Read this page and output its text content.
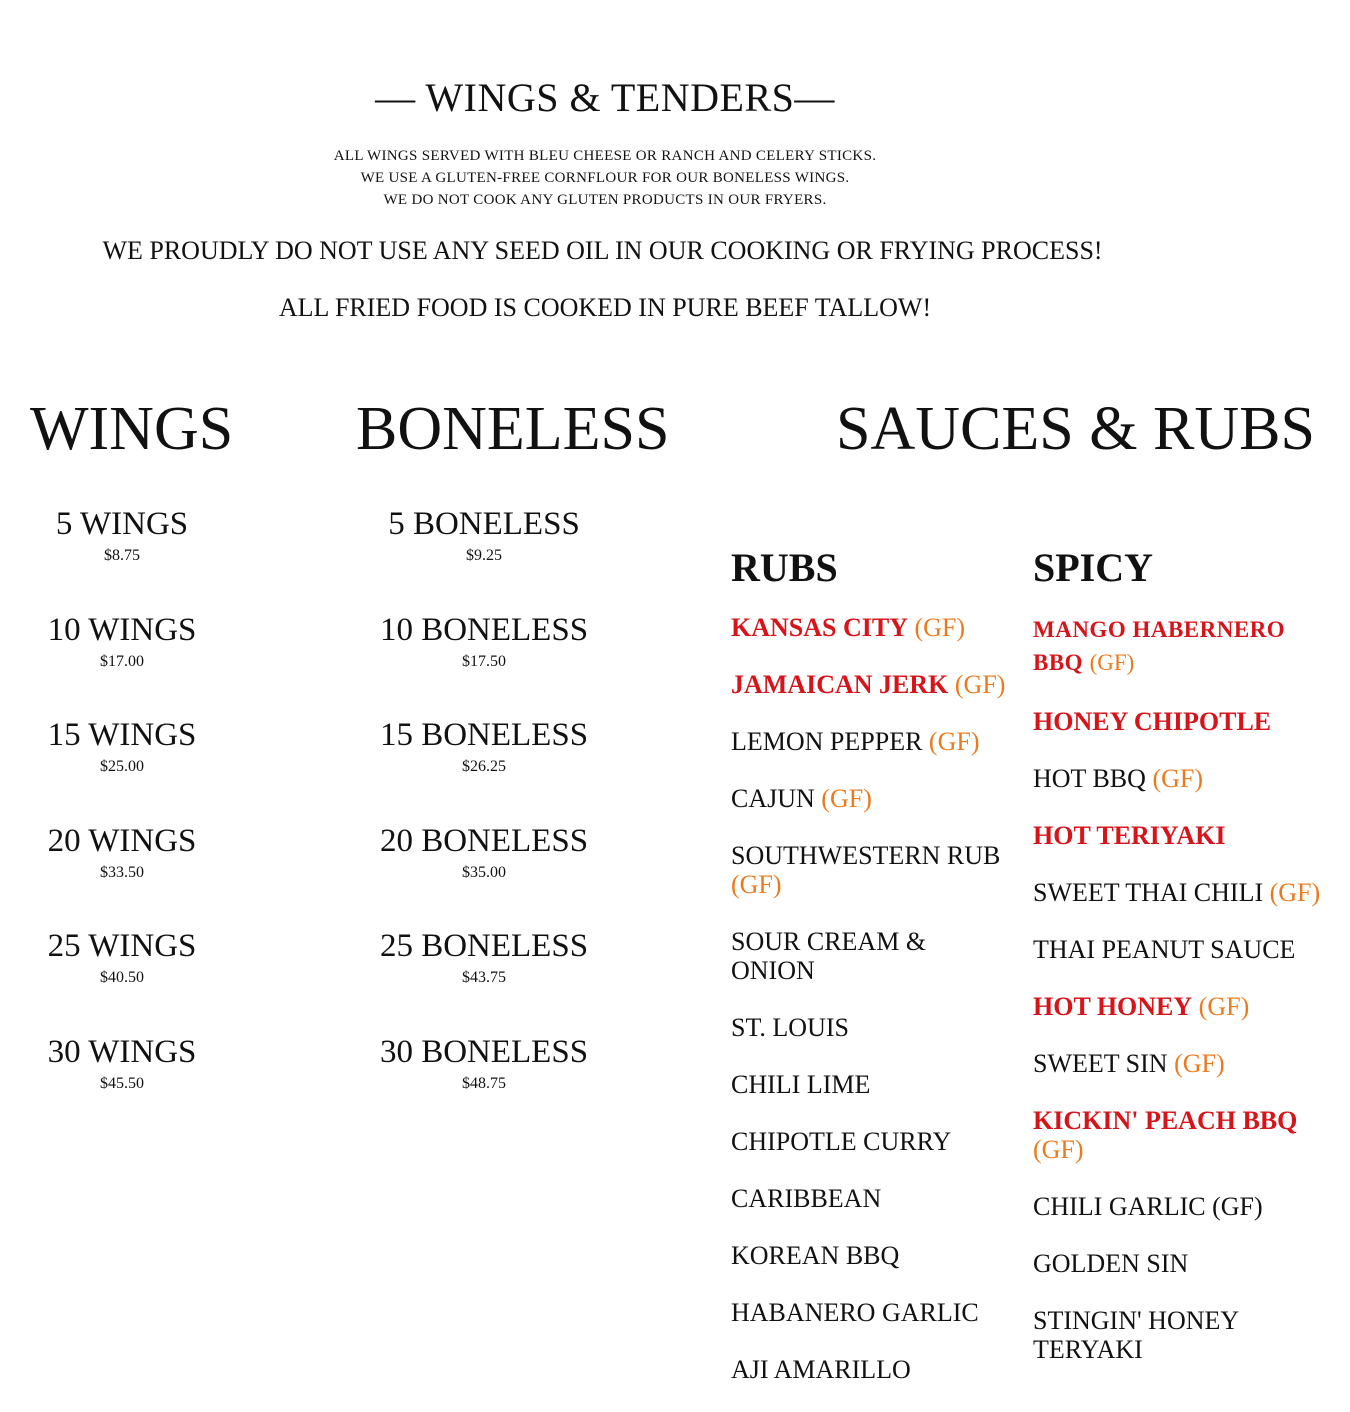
— WINGS & TENDERS—
ALL WINGS SERVED WITH BLEU CHEESE OR RANCH AND CELERY STICKS.
WE USE A GLUTEN-FREE CORNFLOUR FOR OUR BONELESS WINGS.
WE DO NOT COOK ANY GLUTEN PRODUCTS IN OUR FRYERS.
WE PROUDLY DO NOT USE ANY SEED OIL IN OUR COOKING OR FRYING PROCESS!
ALL FRIED FOOD IS COOKED IN PURE BEEF TALLOW!
WINGS BONELESS	SAUCES & RUBS
5 WINGS
$8.75
10 WINGS
$17.00
15 WINGS
$25.00
20 WINGS
$33.50
25 WINGS
$40.50
30 WINGS
$45.50
5 BONELESS
$9.25
10 BONELESS
$17.50
15 BONELESS
$26.25
20 BONELESS
$35.00
25 BONELESS
$43.75
30 BONELESS
$48.75
RUBS	SPICY
KANSAS CITY (GF)
JAMAICAN JERK (GF)
LEMON PEPPER (GF)
CAJUN (GF)
SOUTHWESTERN RUB (GF)
SOUR CREAM & ONION
ST. LOUIS
CHILI LIME
CHIPOTLE CURRY
CARIBBEAN
KOREAN BBQ
HABANERO GARLIC
AJI AMARILLO
MANGO HABERNERO BBQ (GF)
HONEY CHIPOTLE
HOT BBQ (GF)
HOT TERIYAKI
SWEET THAI CHILI (GF)
THAI PEANUT SAUCE
HOT HONEY (GF)
SWEET SIN (GF)
KICKIN' PEACH BBQ (GF)
CHILI GARLIC (GF)
GOLDEN SIN
STINGIN' HONEY TERYAKI
